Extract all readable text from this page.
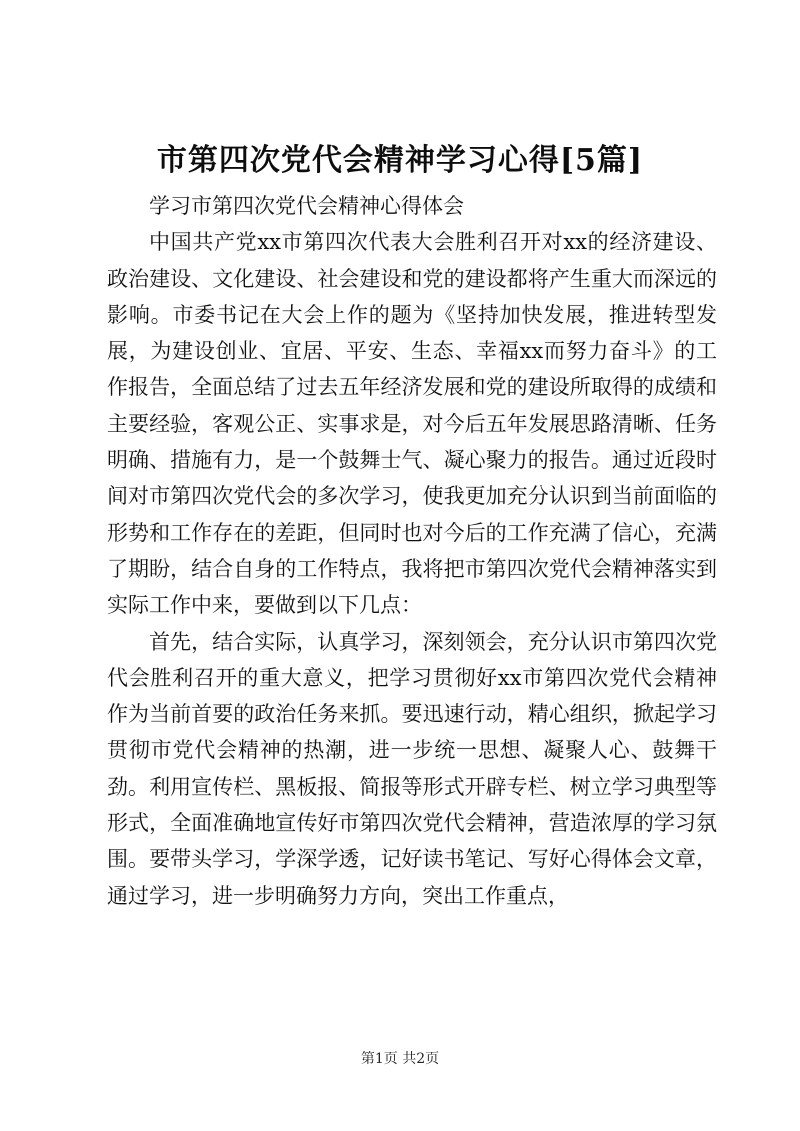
市第四次党代会精神学习心得[5篇]

学习市第四次党代会精神心得体会

中国共产党xx市第四次代表大会胜利召开对xx的经济建设、政治建设、文化建设、社会建设和党的建设都将产生重大而深远的影响。市委书记在大会上作的题为《坚持加快发展，推进转型发展，为建设创业、宜居、平安、生态、幸福xx而努力奋斗》的工作报告，全面总结了过去五年经济发展和党的建设所取得的成绩和主要经验，客观公正、实事求是，对今后五年发展思路清晰、任务明确、措施有力，是一个鼓舞士气、凝心聚力的报告。通过近段时间对市第四次党代会的多次学习，使我更加充分认识到当前面临的形势和工作存在的差距，但同时也对今后的工作充满了信心，充满了期盼，结合自身的工作特点，我将把市第四次党代会精神落实到实际工作中来，要做到以下几点：

首先，结合实际，认真学习，深刻领会，充分认识市第四次党代会胜利召开的重大意义，把学习贯彻好xx市第四次党代会精神作为当前首要的政治任务来抓。要迅速行动，精心组织，掀起学习贯彻市党代会精神的热潮，进一步统一思想、凝聚人心、鼓舞干劲。利用宣传栏、黑板报、简报等形式开辟专栏、树立学习典型等形式，全面准确地宣传好市第四次党代会精神，营造浓厚的学习氛围。要带头学习，学深学透，记好读书笔记、写好心得体会文章，通过学习，进一步明确努力方向，突出工作重点，

第1页 共2页
